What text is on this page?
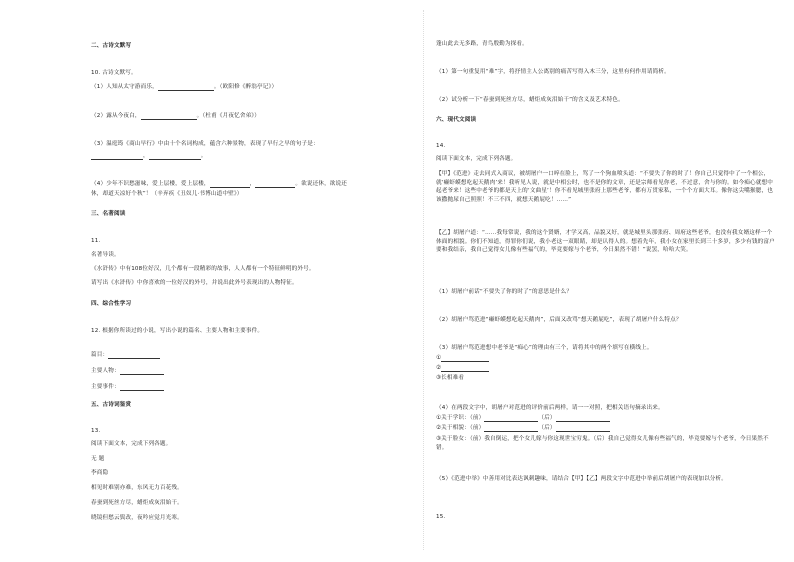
二、古诗文默写
10. 古诗文默写。
（1）人知从太守游而乐，	。（欧阳修《醉翁亭记》）
（2）露从今夜白，	。（杜甫《月夜忆舍弟》）
（3）温庭筠《商山早行》中由十个名词构成，蕴含六种景物，表现了早行之早的句子是：
，	。
（4）少年不识愁滋味，爱上层楼，爱上层楼，	，	。欲说还休，欲说还
休，却道天凉好个秋”！（辛弃疾《丑奴儿·书博山道中壁》）
三、名著阅读
11.
名著导读。
《水浒传》中有108位好汉，几个都有一段精彩的故事，人人都有一个特征鲜明的外号。
请写出《水浒传》中你喜欢的一位好汉的外号，并说出此外号表现出的人物特征。
四、综合性学习
12. 根据你所读过的小说，写出小说的篇名、主要人物和主要事件。
篇目：
主要人物：
主要事件：
五、古诗词鉴赏
13.
阅读下面文本，完成下列各题。
无 题
李商隐
相见时难别亦难，东风无力百花残。
春蚕到死丝方尽，蜡炬成灰泪始干。
晓镜但愁云鬓改，夜吟应觉月光寒。
蓬山此去无多路，青鸟殷勤为探看。
（1）第一句重复用“难”字，将抒情主人公离别的痛苦写得入木三分，这里有何作用请简析。
（2）试分析一下“春蚕到死丝方尽，蜡炬成灰泪始干”的含义及艺术特色。
六、现代文阅读
14.
阅读下面文本，完成下列各题。
【甲】《范进》走去同式入商议，被胡屠户一口啐在脸上，骂了一个狗血喷头道：“不要失了你的时了！你自己只觉得中了一个相公，就‘癞虾蟆想吃起天鹅肉’来！我听见人说，就是中相公时，也不是你的文章，还是宗师看见你老，不过意，舍与你的。如今痴心就想中起老爷来！这些中老爷的都是天上的‘文曲星’！你不看见城里张府上那些老爷，都有万贯家私，一个个方面大耳。像你这尖嘴猴腮，也该撒抛尿自己照照！不三不四，就想天鹅屁吃！……”
【乙】胡屠户道：“……我每常说，我的这个贤婿，才学又高，品貌又好，就是城里头那张府、周府这些老爷，也没有我女婿这样一个体面的相貌。你们不知道，得罪你们说，我小老这一双眼睛，却是认得人的。想着先年，我小女在家里长到三十多岁，多少有钱的富户要和我结亲，我自己觉得女儿像有些福气的，毕竟要嫁与个老爷，今日果然不错！”说罢，哈哈大笑。
（1）胡屠户前话“不要失了你的时了”的意思是什么？
（2）胡屠户骂范进“癞虾蟆想吃起天鹅肉”，后面又改骂“想天鹅屁吃”，表现了胡屠户什么特点？
（3）胡屠户骂范进想中老爷是“痴心”的理由有三个，请将其中的两个填写在横线上。
①
②
③长相难看
（4）在两段文字中，胡屠户对范进的评价前后两样，请一一对照，把相关语句摘录出来。
①关于学识：（前）	（后）
②关于相貌：（前）	（后）
③关于脸女：（前）我自倒运，把个女儿嫁与你这现世宝穷鬼。（后）我自己觉得女儿像有些福气的，毕竟要嫁与个老爷，今日果然不错。
（5）《范进中举》中善用对比表达讽刺趣味，请结合【甲】【乙】两段文字中范进中举前后胡屠户的表现加以分析。
15.
